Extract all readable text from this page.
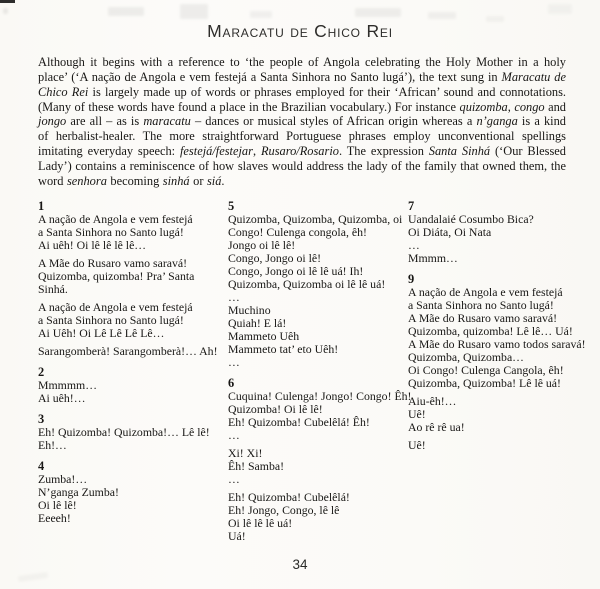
Maracatu de Chico Rei

Although it begins with a reference to ‘the people of Angola celebrating the Holy Mother in a holy place’ (‘A nação de Angola e vem festejá a Santa Sinhora no Santo lugá’), the text sung in Maracatu de Chico Rei is largely made up of words or phrases employed for their ‘African’ sound and connotations. (Many of these words have found a place in the Brazilian vocabulary.) For instance quizomba, congo and jongo are all – as is maracatu – dances or musical styles of African origin whereas a n’ganga is a kind of herbalist-healer. The more straightforward Portuguese phrases employ unconventional spellings imitating everyday speech: festejá/festejar, Rusaro/Rosario. The expression Santa Sinhá (‘Our Blessed Lady’) contains a reminiscence of how slaves would address the lady of the family that owned them, the word senhora becoming sinhá or siá.

1
A nação de Angola e vem festejá
a Santa Sinhora no Santo lugá!
Ai uêh! Oi lê lê lê lê…
A Mãe do Rusaro vamo saravá!
Quizomba, quizomba! Pra’ Santa
Sinhá.
A nação de Angola e vem festejá
a Santa Sinhora no Santo lugá!
Ai Uêh! Oi Lê Lê Lê Lê…
Sarangomberà! Sarangomberà!… Ah!
2
Mmmmm…
Ai uêh!…
3
Eh! Quizomba! Quizomba!… Lê lê!
Eh!…
4
Zumba!…
N’ganga Zumba!
Oi lê lê!
Eeeeh!
5
Quizomba, Quizomba, Quizomba, oi
Congo! Culenga congola, êh!
Jongo oi lê lê!
Congo, Jongo oi lê!
Congo, Jongo oi lê lê uá! Ih!
Quizomba, Quizomba oi lê lê uá!
…
Muchino
Quiah! E lá!
Mammeto Uêh
Mammeto tat’ eto Uêh!
…
6
Cuquina! Culenga! Jongo! Congo! Êh!
Quizomba! Oi lê lê!
Eh! Quizomba! Cubelêlá! Êh!
…
Xi! Xi!
Êh! Samba!
…
Eh! Quizomba! Cubelêlá!
Eh! Jongo, Congo, lê lê
Oi lê lê lê uá!
Uá!
7
Uandalaié Cosumbo Bica?
Oi Diáta, Oi Nata
…
Mmmm…
9
A nação de Angola e vem festejá
a Santa Sinhora no Santo lugá!
A Mãe do Rusaro vamo saravá!
Quizomba, quizomba! Lê lê… Uá!
A Mãe do Rusaro vamo todos saravá!
Quizomba, Quizomba…
Oi Congo! Culenga Cangola, êh!
Quizomba, Quizomba! Lê lê uá!
Aiu-êh!…
Uê!
Ao rê rê ua!
Uê!
34
